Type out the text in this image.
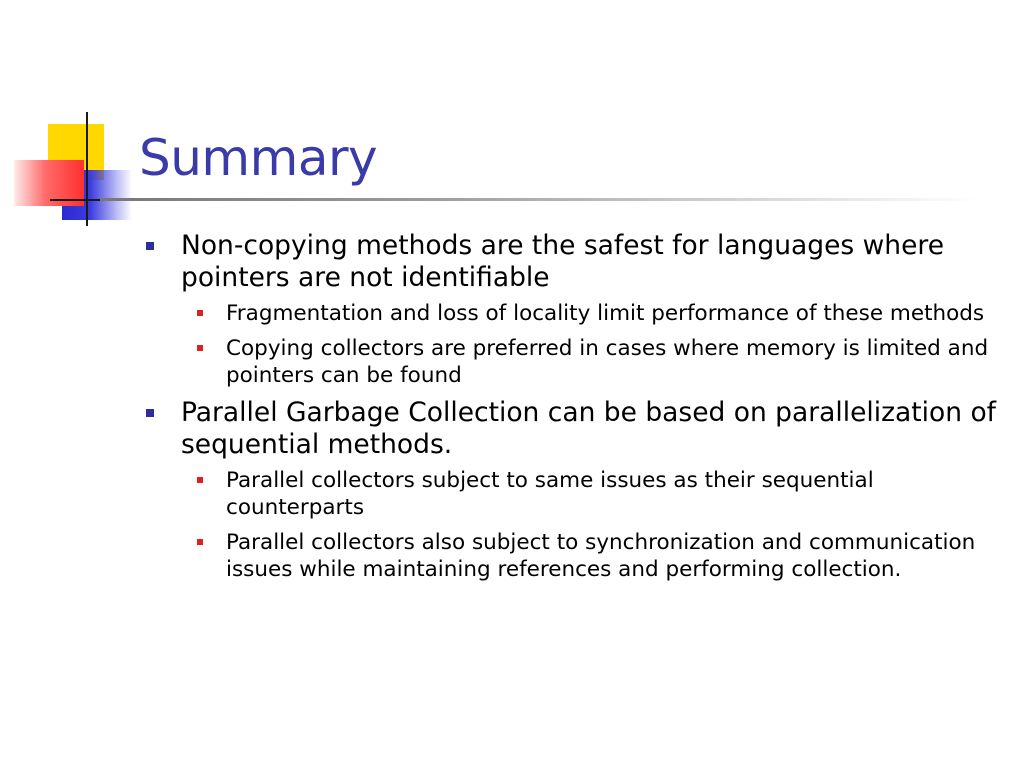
Summary
Non-copying methods are the safest for languages where pointers are not identifiable
Fragmentation and loss of locality limit performance of these methods
Copying collectors are preferred in cases where memory is limited and pointers can be found
Parallel Garbage Collection can be based on parallelization of sequential methods.
Parallel collectors subject to same issues as their sequential counterparts
Parallel collectors also subject to synchronization and communication issues while maintaining references and performing collection.
